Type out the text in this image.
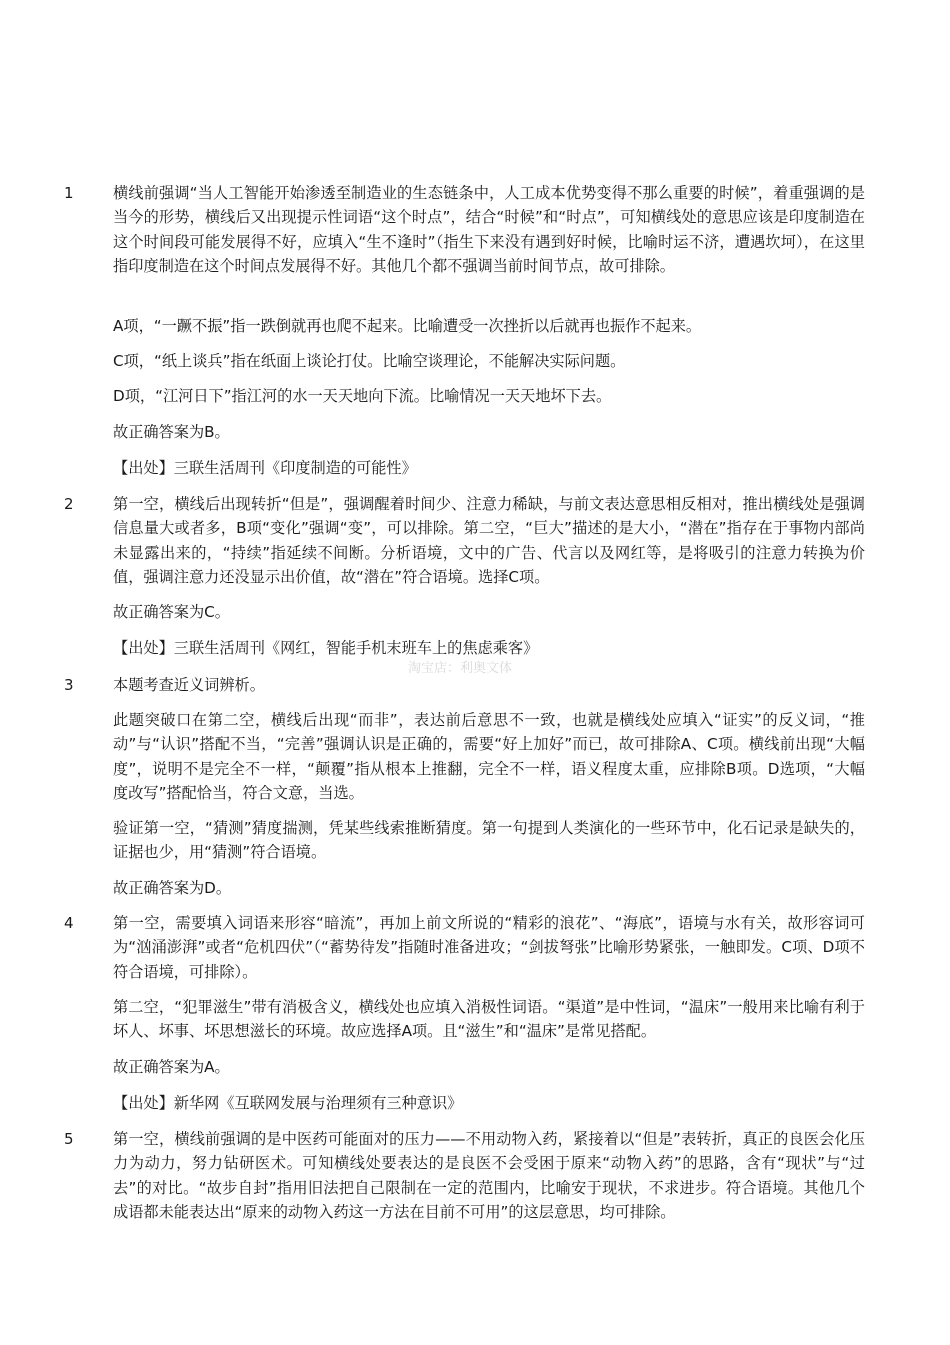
1	横线前强调“当人工智能开始渗透至制造业的生态链条中，人工成本优势变得不那么重要的时候”，着重强调的是当今的形势，横线后又出现提示性词语“这个时点”，结合“时候”和“时点”，可知横线处的意思应该是印度制造在这个时间段可能发展得不好，应填入“生不逢时”（指生下来没有遇到好时候，比喻时运不济，遭遇坎坷），在这里指印度制造在这个时间点发展得不好。其他几个都不强调当前时间节点，故可排除。

A项，“一蹶不振”指一跌倒就再也爬不起来。比喻遭受一次挫折以后就再也振作不起来。

C项，“纸上谈兵”指在纸面上谈论打仗。比喻空谈理论，不能解决实际问题。

D项，“江河日下”指江河的水一天天地向下流。比喻情况一天天地坏下去。

故正确答案为B。

【出处】三联生活周刊《印度制造的可能性》

2	第一空，横线后出现转折“但是”，强调醒着时间少、注意力稀缺，与前文表达意思相反相对，推出横线处是强调信息量大或者多，B项“变化”强调“变”，可以排除。第二空，“巨大”描述的是大小，“潜在”指存在于事物内部尚未显露出来的，“持续”指延续不间断。分析语境，文中的广告、代言以及网红等，是将吸引的注意力转换为价值，强调注意力还没显示出价值，故“潜在”符合语境。选择C项。

故正确答案为C。

【出处】三联生活周刊《网红，智能手机末班车上的焦虑乘客》

淘宝店：利奥文体
3	本题考查近义词辨析。

此题突破口在第二空，横线后出现“而非”，表达前后意思不一致，也就是横线处应填入“证实”的反义词，“推动”与“认识”搭配不当，“完善”强调认识是正确的，需要“好上加好”而已，故可排除A、C项。横线前出现“大幅度”，说明不是完全不一样，“颠覆”指从根本上推翻，完全不一样，语义程度太重，应排除B项。D选项，“大幅度改写”搭配恰当，符合文意，当选。

验证第一空，“猜测”猜度揣测，凭某些线索推断猜度。第一句提到人类演化的一些环节中，化石记录是缺失的，证据也少，用“猜测”符合语境。

故正确答案为D。

4	第一空，需要填入词语来形容“暗流”，再加上前文所说的“精彩的浪花”、“海底”，语境与水有关，故形容词可为“汹涌澎湃”或者“危机四伏”（“蓄势待发”指随时准备进攻；“剑拔弩张”比喻形势紧张，一触即发。C项、D项不符合语境，可排除）。

第二空，“犯罪滋生”带有消极含义，横线处也应填入消极性词语。“渠道”是中性词，“温床”一般用来比喻有利于坏人、坏事、坏思想滋长的环境。故应选择A项。且“滋生”和“温床”是常见搭配。

故正确答案为A。

【出处】新华网《互联网发展与治理须有三种意识》

5	第一空，横线前强调的是中医药可能面对的压力——不用动物入药，紧接着以“但是”表转折，真正的良医会化压力为动力，努力钻研医术。可知横线处要表达的是良医不会受困于原来“动物入药”的思路，含有“现状”与“过去”的对比。“故步自封”指用旧法把自己限制在一定的范围内，比喻安于现状，不求进步。符合语境。其他几个成语都未能表达出“原来的动物入药这一方法在目前不可用”的这层意思，均可排除。
